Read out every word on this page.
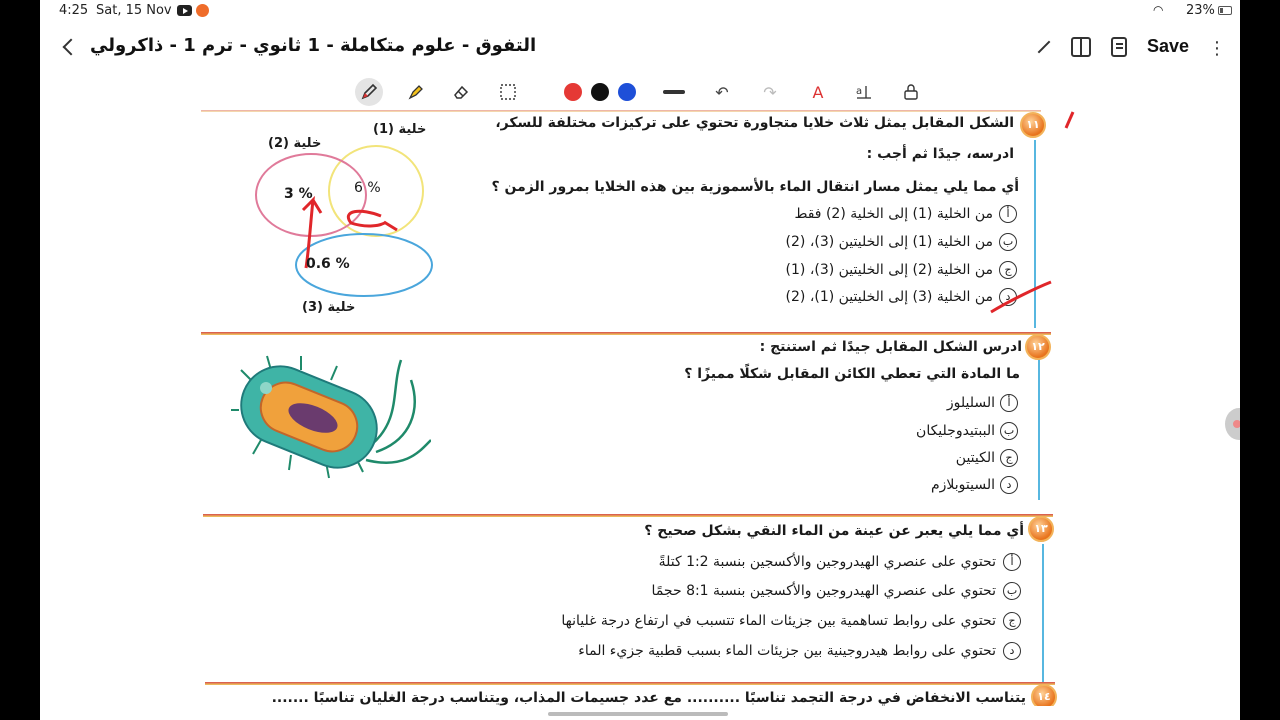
4:25 Sat, 15 Nov	◠ 23%
التفوق - علوم متكاملة - 1 ثانوي - ترم 1 - ذاكرولي	Save
⋮
↶	↷	A	a
١١
الشكل المقابل يمثل ثلاث خلايا متجاورة تحتوي على تركيزات مختلفة للسكر،
ادرسه، جيدًا ثم أجب :
أي مما يلي يمثل مسار انتقال الماء بالأسموزية بين هذه الخلايا بمرور الزمن ؟
أ
من الخلية (1) إلى الخلية (2) فقط
ب
من الخلية (1) إلى الخليتين (3)، (2)
ج
من الخلية (2) إلى الخليتين (3)، (1)
د
من الخلية (3) إلى الخليتين (1)، (2)
خلية (1)
6 %
خلية (2)
3 %
خلية (3)
0.6 %
١٢
ادرس الشكل المقابل جيدًا ثم استنتج :
ما المادة التي تعطي الكائن المقابل شكلًا مميزًا ؟
أ
السليلوز
ب
الببتيدوجليكان
ج
الكيتين
د
السيتوبلازم
١٣
أي مما يلي يعبر عن عينة من الماء النقي بشكل صحيح ؟
أ
تحتوي على عنصري الهيدروجين والأكسجين بنسبة 1:2 كتلةً
ب
تحتوي على عنصري الهيدروجين والأكسجين بنسبة 8:1 حجمًا
ج
تحتوي على روابط تساهمية بين جزيئات الماء تتسبب في ارتفاع درجة غليانها
د
تحتوي على روابط هيدروجينية بين جزيئات الماء بسبب قطبية جزيء الماء
١٤
يتناسب الانخفاض في درجة التجمد تناسبًا .......... مع عدد جسيمات المذاب، ويتناسب درجة الغليان تناسبًا .......
